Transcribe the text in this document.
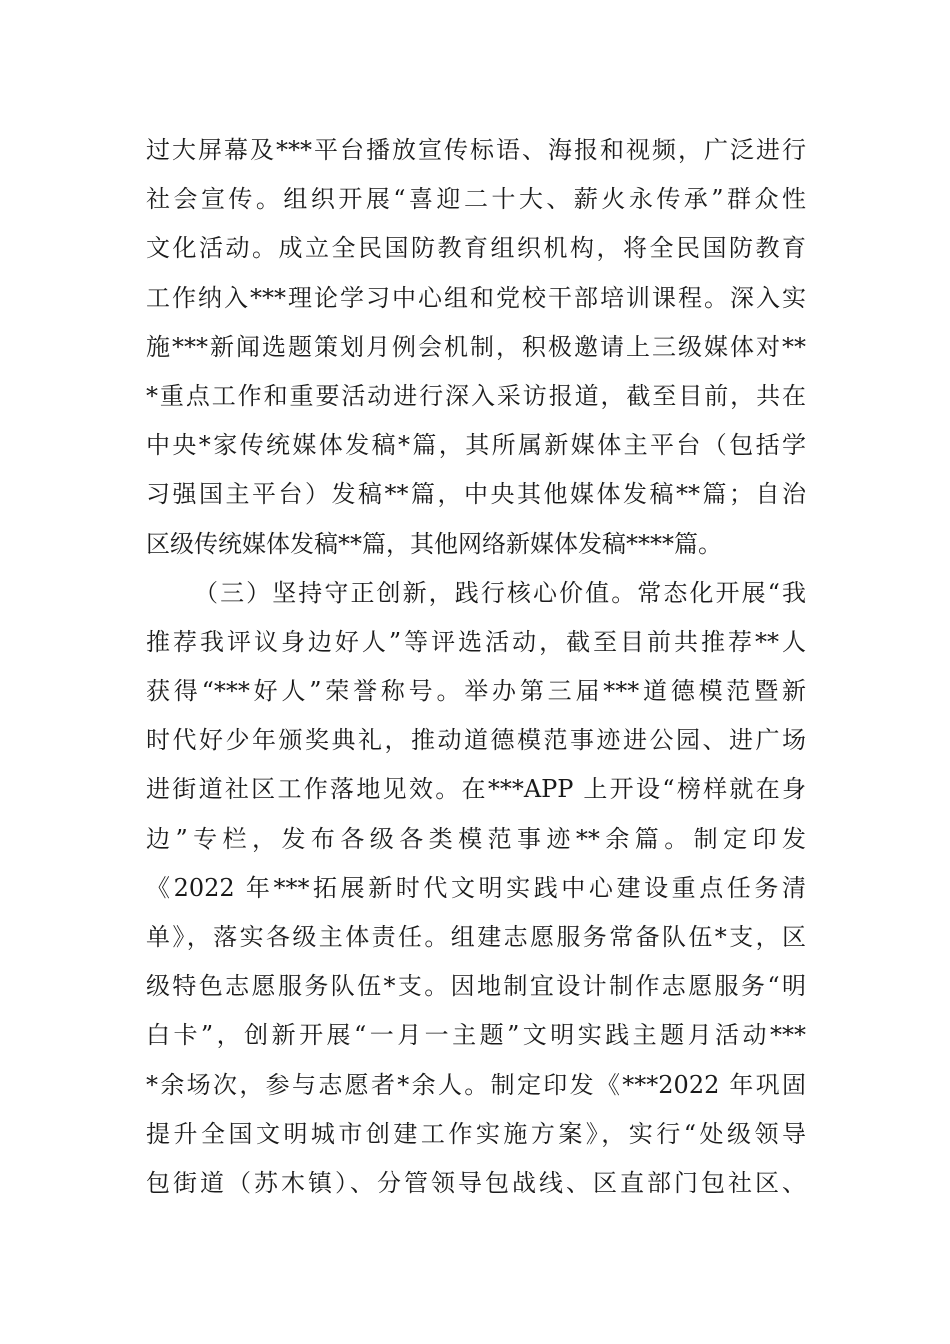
过大屏幕及***平台播放宣传标语、海报和视频，广泛进行
社会宣传。组织开展“喜迎二十大、薪火永传承”群众性
文化活动。成立全民国防教育组织机构，将全民国防教育
工作纳入***理论学习中心组和党校干部培训课程。深入实
施***新闻选题策划月例会机制，积极邀请上三级媒体对**
*重点工作和重要活动进行深入采访报道，截至目前，共在
中央*家传统媒体发稿*篇，其所属新媒体主平台（包括学
习强国主平台）发稿**篇，中央其他媒体发稿**篇；自治
区级传统媒体发稿**篇，其他网络新媒体发稿****篇。
（三）坚持守正创新，践行核心价值。常态化开展“我
推荐我评议身边好人”等评选活动，截至目前共推荐**人
获得“***好人”荣誉称号。举办第三届***道德模范暨新
时代好少年颁奖典礼，推动道德模范事迹进公园、进广场
进街道社区工作落地见效。在***APP 上开设“榜样就在身
边”专栏，发布各级各类模范事迹**余篇。制定印发
《2022 年***拓展新时代文明实践中心建设重点任务清
单》，落实各级主体责任。组建志愿服务常备队伍*支，区
级特色志愿服务队伍*支。因地制宜设计制作志愿服务“明
白卡”，创新开展“一月一主题”文明实践主题月活动***
*余场次，参与志愿者*余人。制定印发《***2022 年巩固
提升全国文明城市创建工作实施方案》，实行“处级领导
包街道（苏木镇）、分管领导包战线、区直部门包社区、
